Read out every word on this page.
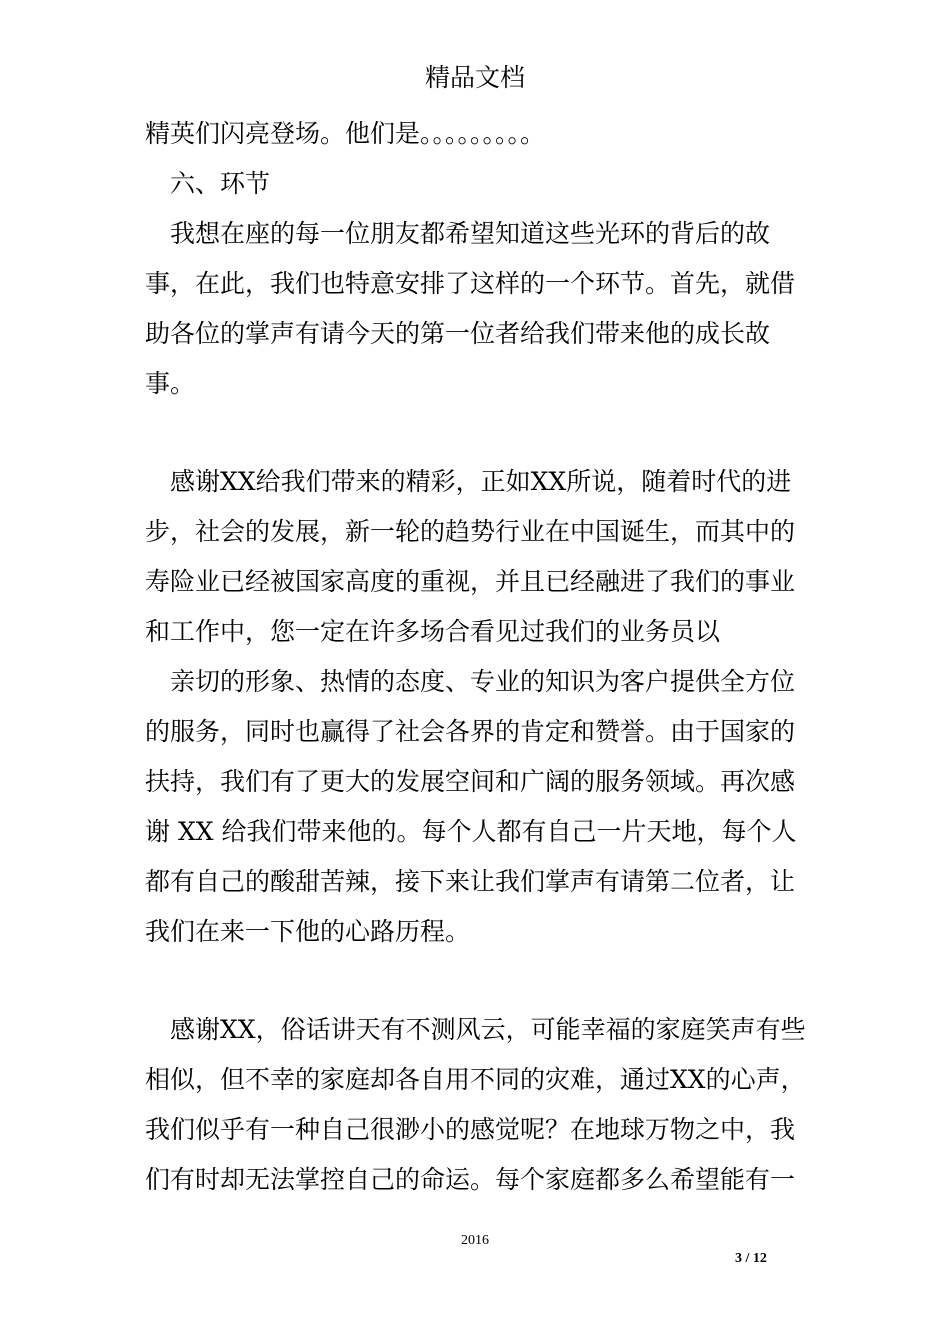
精品文档
精英们闪亮登场。他们是。。。。。。。。。
六、环节
我想在座的每一位朋友都希望知道这些光环的背后的故
事，在此，我们也特意安排了这样的一个环节。首先，就借
助各位的掌声有请今天的第一位者给我们带来他的成长故
事。
感谢XX给我们带来的精彩，正如XX所说，随着时代的进
步，社会的发展，新一轮的趋势行业在中国诞生，而其中的
寿险业已经被国家高度的重视，并且已经融进了我们的事业
和工作中，您一定在许多场合看见过我们的业务员以
亲切的形象、热情的态度、专业的知识为客户提供全方位
的服务，同时也赢得了社会各界的肯定和赞誉。由于国家的
扶持，我们有了更大的发展空间和广阔的服务领域。再次感
谢 XX 给我们带来他的。每个人都有自己一片天地，每个人
都有自己的酸甜苦辣，接下来让我们掌声有请第二位者，让
我们在来一下他的心路历程。
感谢XX，俗话讲天有不测风云，可能幸福的家庭笑声有些
相似，但不幸的家庭却各自用不同的灾难，通过XX的心声，
我们似乎有一种自己很渺小的感觉呢？在地球万物之中，我
们有时却无法掌控自己的命运。每个家庭都多么希望能有一
2016
3 / 12
